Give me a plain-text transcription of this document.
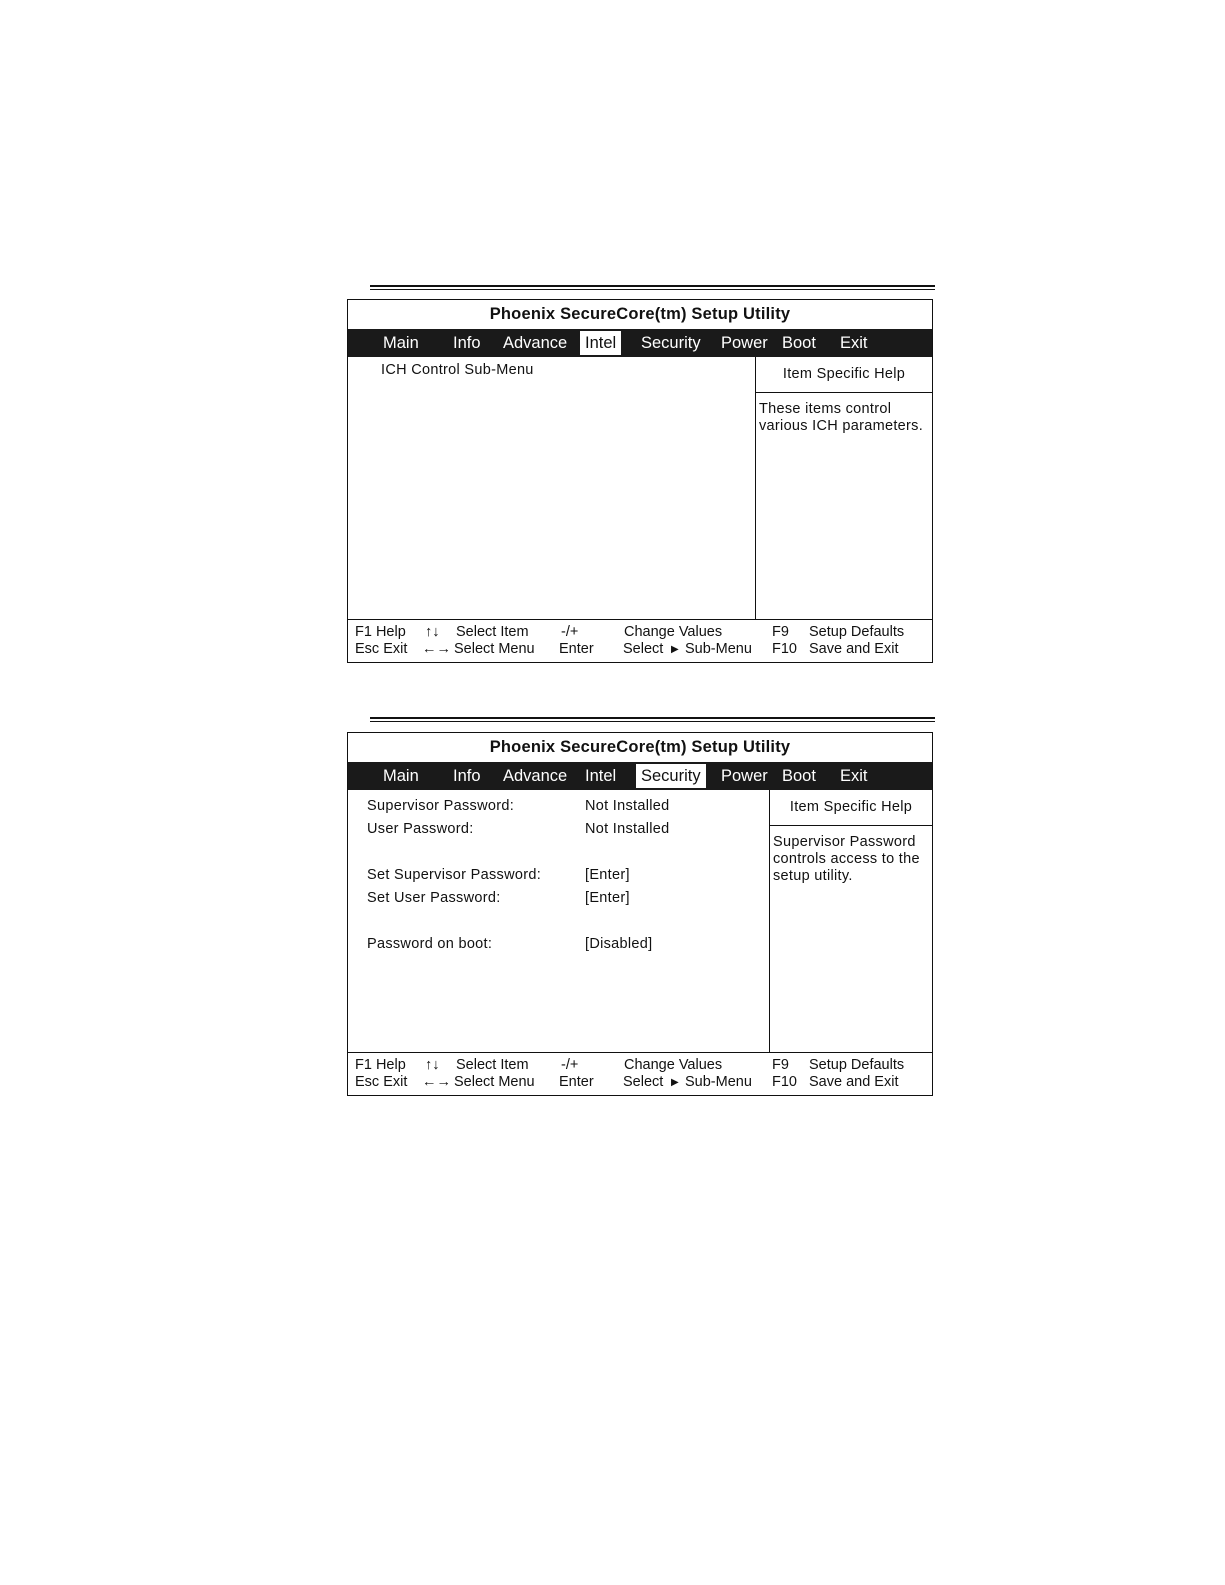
Phoenix SecureCore(tm) Setup Utility
Main	Info	Advance	Intel	Security	Power Boot	Exit
ICH Control Sub-Menu	Item Specific Help
These items control
various ICH parameters.
F1 Help ↑↓ Select Item -/+	Change Values	F9 Setup Defaults
Esc Exit ←→ Select Menu Enter Select ▶ Sub-Menu F10 Save and Exit
Phoenix SecureCore(tm) Setup Utility
Main	Info	Advance	Intel	Security	Power Boot	Exit
Supervisor Password:	Not Installed
User Password:	Not Installed
Set Supervisor Password:	[Enter]
Set User Password:	[Enter]
Password on boot:	[Disabled]
Item Specific Help
Supervisor Password
controls access to the
setup utility.
F1 Help ↑↓ Select Item -/+	Change Values	F9 Setup Defaults
Esc Exit ←→ Select Menu Enter Select ▶ Sub-Menu F10 Save and Exit
